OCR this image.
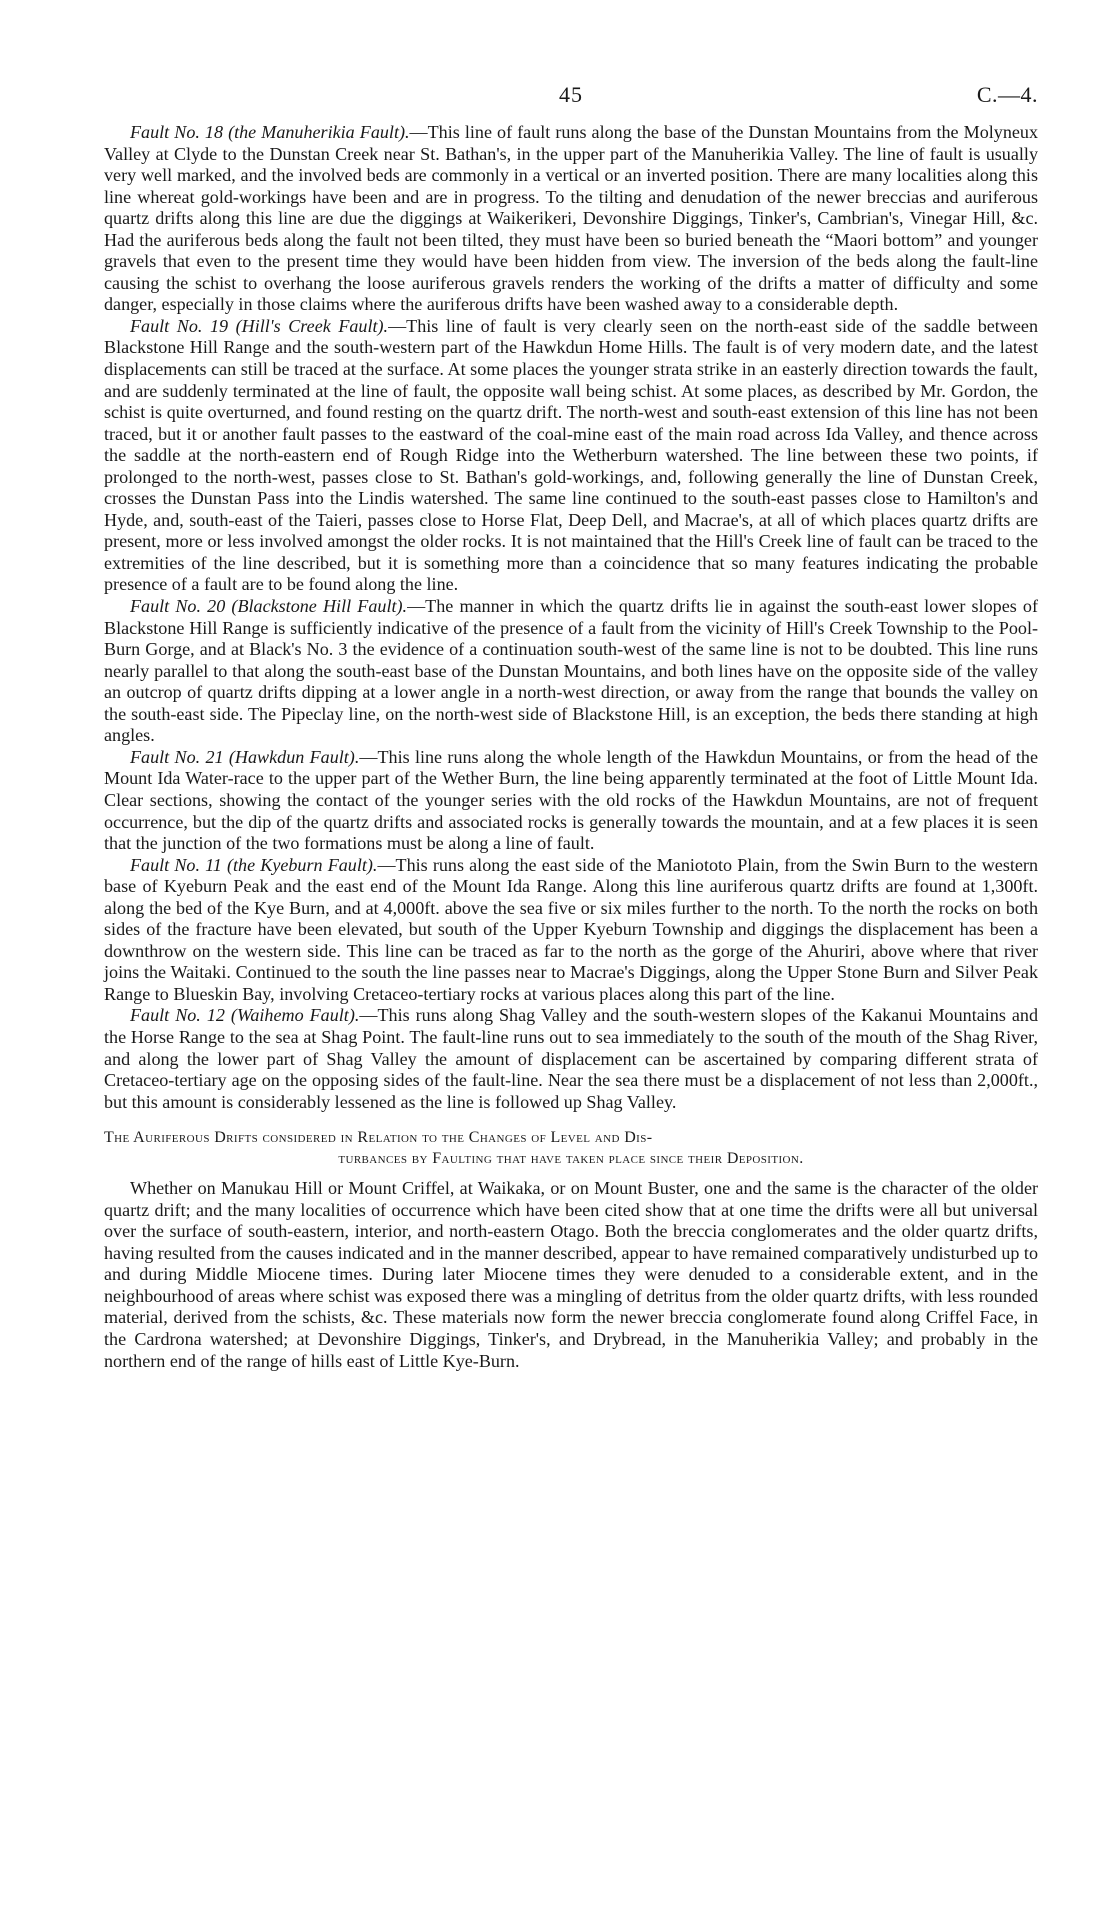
45	C.—4.

Fault No. 18 (the Manuherikia Fault).—This line of fault runs along the base of the Dunstan Mountains from the Molyneux Valley at Clyde to the Dunstan Creek near St. Bathan's, in the upper part of the Manuherikia Valley. The line of fault is usually very well marked, and the involved beds are commonly in a vertical or an inverted position. There are many localities along this line whereat gold-workings have been and are in progress. To the tilting and denudation of the newer breccias and auriferous quartz drifts along this line are due the diggings at Waikerikeri, Devonshire Diggings, Tinker's, Cambrian's, Vinegar Hill, &c. Had the auriferous beds along the fault not been tilted, they must have been so buried beneath the “Maori bottom” and younger gravels that even to the present time they would have been hidden from view. The inversion of the beds along the fault-line causing the schist to overhang the loose auriferous gravels renders the working of the drifts a matter of difficulty and some danger, especially in those claims where the auriferous drifts have been washed away to a considerable depth.

Fault No. 19 (Hill's Creek Fault).—This line of fault is very clearly seen on the north-east side of the saddle between Blackstone Hill Range and the south-western part of the Hawkdun Home Hills. The fault is of very modern date, and the latest displacements can still be traced at the surface. At some places the younger strata strike in an easterly direction towards the fault, and are suddenly terminated at the line of fault, the opposite wall being schist. At some places, as described by Mr. Gordon, the schist is quite overturned, and found resting on the quartz drift. The north-west and south-east extension of this line has not been traced, but it or another fault passes to the eastward of the coal-mine east of the main road across Ida Valley, and thence across the saddle at the north-eastern end of Rough Ridge into the Wetherburn watershed. The line between these two points, if prolonged to the north-west, passes close to St. Bathan's gold-workings, and, following generally the line of Dunstan Creek, crosses the Dunstan Pass into the Lindis watershed. The same line continued to the south-east passes close to Hamilton's and Hyde, and, south-east of the Taieri, passes close to Horse Flat, Deep Dell, and Macrae's, at all of which places quartz drifts are present, more or less involved amongst the older rocks. It is not maintained that the Hill's Creek line of fault can be traced to the extremities of the line described, but it is something more than a coincidence that so many features indicating the probable presence of a fault are to be found along the line.

Fault No. 20 (Blackstone Hill Fault).—The manner in which the quartz drifts lie in against the south-east lower slopes of Blackstone Hill Range is sufficiently indicative of the presence of a fault from the vicinity of Hill's Creek Township to the Pool-Burn Gorge, and at Black's No. 3 the evidence of a continuation south-west of the same line is not to be doubted. This line runs nearly parallel to that along the south-east base of the Dunstan Mountains, and both lines have on the opposite side of the valley an outcrop of quartz drifts dipping at a lower angle in a north-west direction, or away from the range that bounds the valley on the south-east side. The Pipeclay line, on the north-west side of Blackstone Hill, is an exception, the beds there standing at high angles.

Fault No. 21 (Hawkdun Fault).—This line runs along the whole length of the Hawkdun Mountains, or from the head of the Mount Ida Water-race to the upper part of the Wether Burn, the line being apparently terminated at the foot of Little Mount Ida. Clear sections, showing the contact of the younger series with the old rocks of the Hawkdun Mountains, are not of frequent occurrence, but the dip of the quartz drifts and associated rocks is generally towards the mountain, and at a few places it is seen that the junction of the two formations must be along a line of fault.

Fault No. 11 (the Kyeburn Fault).—This runs along the east side of the Maniototo Plain, from the Swin Burn to the western base of Kyeburn Peak and the east end of the Mount Ida Range. Along this line auriferous quartz drifts are found at 1,300ft. along the bed of the Kye Burn, and at 4,000ft. above the sea five or six miles further to the north. To the north the rocks on both sides of the fracture have been elevated, but south of the Upper Kyeburn Township and diggings the displacement has been a downthrow on the western side. This line can be traced as far to the north as the gorge of the Ahuriri, above where that river joins the Waitaki. Continued to the south the line passes near to Macrae's Diggings, along the Upper Stone Burn and Silver Peak Range to Blueskin Bay, involving Cretaceo-tertiary rocks at various places along this part of the line.

Fault No. 12 (Waihemo Fault).—This runs along Shag Valley and the south-western slopes of the Kakanui Mountains and the Horse Range to the sea at Shag Point. The fault-line runs out to sea immediately to the south of the mouth of the Shag River, and along the lower part of Shag Valley the amount of displacement can be ascertained by comparing different strata of Cretaceo-tertiary age on the opposing sides of the fault-line. Near the sea there must be a displacement of not less than 2,000ft., but this amount is considerably lessened as the line is followed up Shag Valley.

The Auriferous Drifts considered in Relation to the Changes of Level and Dis-
turbances by Faulting that have taken place since their Deposition.

Whether on Manukau Hill or Mount Criffel, at Waikaka, or on Mount Buster, one and the same is the character of the older quartz drift; and the many localities of occurrence which have been cited show that at one time the drifts were all but universal over the surface of south-eastern, interior, and north-eastern Otago. Both the breccia conglomerates and the older quartz drifts, having resulted from the causes indicated and in the manner described, appear to have remained comparatively undisturbed up to and during Middle Miocene times. During later Miocene times they were denuded to a considerable extent, and in the neighbourhood of areas where schist was exposed there was a mingling of detritus from the older quartz drifts, with less rounded material, derived from the schists, &c. These materials now form the newer breccia conglomerate found along Criffel Face, in the Cardrona watershed; at Devonshire Diggings, Tinker's, and Drybread, in the Manuherikia Valley; and probably in the northern end of the range of hills east of Little Kye-Burn.
